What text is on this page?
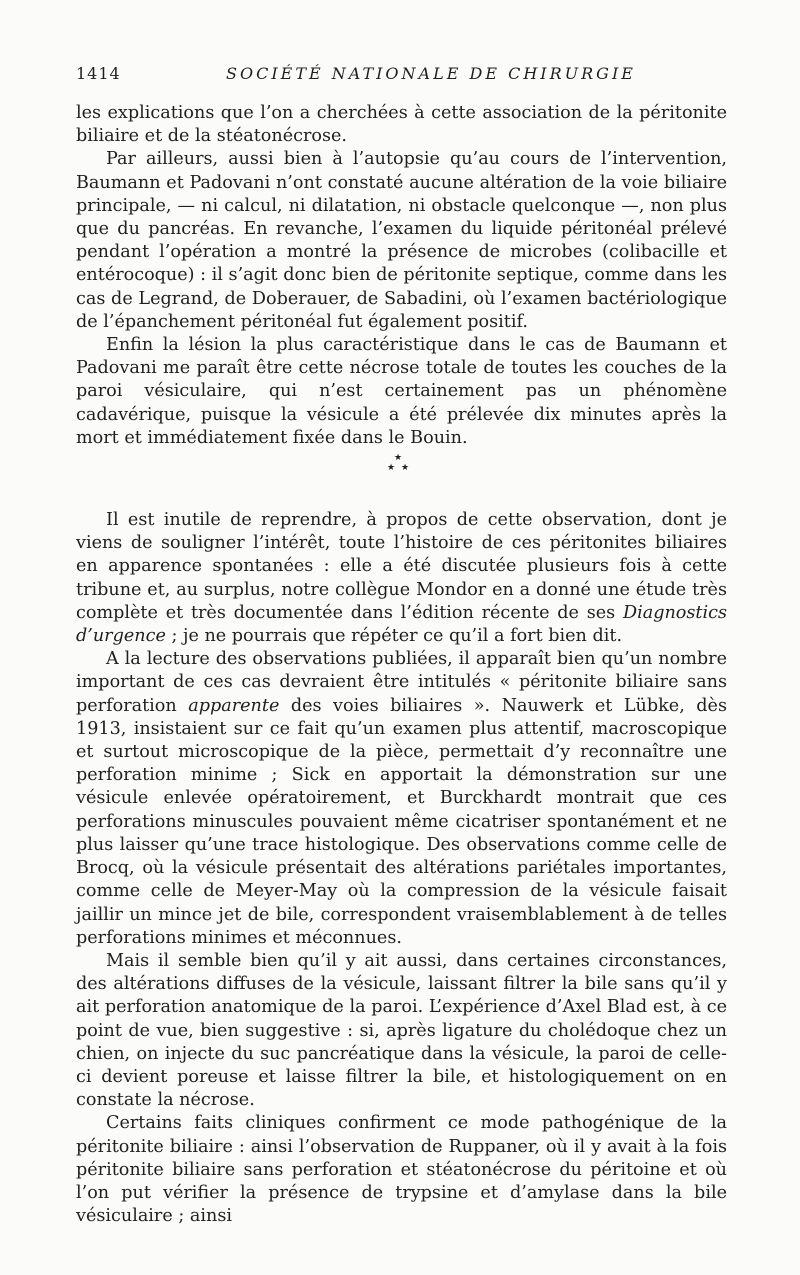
1414	SOCIÉTÉ NATIONALE DE CHIRURGIE

les explications que l’on a cherchées à cette association de la péritonite biliaire et de la stéatonécrose.

Par ailleurs, aussi bien à l’autopsie qu’au cours de l’intervention, Baumann et Padovani n’ont constaté aucune altération de la voie biliaire principale, — ni calcul, ni dilatation, ni obstacle quelconque —, non plus que du pancréas. En revanche, l’examen du liquide péritonéal prélevé pendant l’opération a montré la présence de microbes (colibacille et entérocoque) : il s’agit donc bien de péritonite septique, comme dans les cas de Legrand, de Doberauer, de Sabadini, où l’examen bactériologique de l’épanchement péritonéal fut également positif.

Enfin la lésion la plus caractéristique dans le cas de Baumann et Padovani me paraît être cette nécrose totale de toutes les couches de la paroi vésiculaire, qui n’est certainement pas un phénomène cadavérique, puisque la vésicule a été prélevée dix minutes après la mort et immédiatement fixée dans le Bouin.

★
★ ★

Il est inutile de reprendre, à propos de cette observation, dont je viens de souligner l’intérêt, toute l’histoire de ces péritonites biliaires en apparence spontanées : elle a été discutée plusieurs fois à cette tribune et, au surplus, notre collègue Mondor en a donné une étude très complète et très documentée dans l’édition récente de ses Diagnostics d’urgence ; je ne pourrais que répéter ce qu’il a fort bien dit.

A la lecture des observations publiées, il apparaît bien qu’un nombre important de ces cas devraient être intitulés « péritonite biliaire sans perforation apparente des voies biliaires ». Nauwerk et Lübke, dès 1913, insistaient sur ce fait qu’un examen plus attentif, macroscopique et surtout microscopique de la pièce, permettait d’y reconnaître une perforation minime ; Sick en apportait la démonstration sur une vésicule enlevée opératoirement, et Burckhardt montrait que ces perforations minuscules pouvaient même cicatriser spontanément et ne plus laisser qu’une trace histologique. Des observations comme celle de Brocq, où la vésicule présentait des altérations pariétales importantes, comme celle de Meyer-May où la compression de la vésicule faisait jaillir un mince jet de bile, correspondent vraisemblablement à de telles perforations minimes et méconnues.

Mais il semble bien qu’il y ait aussi, dans certaines circonstances, des altérations diffuses de la vésicule, laissant filtrer la bile sans qu’il y ait perforation anatomique de la paroi. L’expérience d’Axel Blad est, à ce point de vue, bien suggestive : si, après ligature du cholédoque chez un chien, on injecte du suc pancréatique dans la vésicule, la paroi de celle-ci devient poreuse et laisse filtrer la bile, et histologiquement on en constate la nécrose.

Certains faits cliniques confirment ce mode pathogénique de la péritonite biliaire : ainsi l’observation de Ruppaner, où il y avait à la fois péritonite biliaire sans perforation et stéatonécrose du péritoine et où l’on put vérifier la présence de trypsine et d’amylase dans la bile vésiculaire ; ainsi
